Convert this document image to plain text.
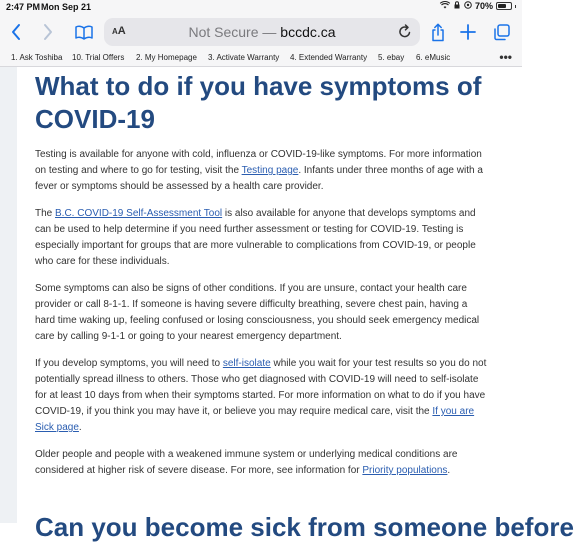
2:47 PM Mon Sep 21	70%
AA	Not Secure — bccdc.ca
1. Ask Toshiba 10. Trial Offers 2. My Homepage 3. Activate Warranty 4. Extended Warranty 5. ebay 6. eMusic	•••
What to do if you have symptoms of COVID-19

Testing is available for anyone with cold, influenza or COVID-19-like symptoms. For more information on testing and where to go for testing, visit the Testing page. Infants under three months of age with a fever or symptoms should be assessed by a health care provider.

The B.C. COVID-19 Self-Assessment Tool is also available for anyone that develops symptoms and can be used to help determine if you need further assessment or testing for COVID-19. Testing is especially important for groups that are more vulnerable to complications from COVID-19, or people who care for these individuals.

Some symptoms can also be signs of other conditions. If you are unsure, contact your health care provider or call 8-1-1. If someone is having severe difficulty breathing, severe chest pain, having a hard time waking up, feeling confused or losing consciousness, you should seek emergency medical care by calling 9-1-1 or going to your nearest emergency department.

If you develop symptoms, you will need to self-isolate while you wait for your test results so you do not potentially spread illness to others. Those who get diagnosed with COVID-19 will need to self-isolate for at least 10 days from when their symptoms started. For more information on what to do if you have COVID-19, if you think you may have it, or believe you may require medical care, visit the If you are Sick page.

Older people and people with a weakened immune system or underlying medical conditions are considered at higher risk of severe disease. For more, see information for Priority populations.

Can you become sick from someone before
